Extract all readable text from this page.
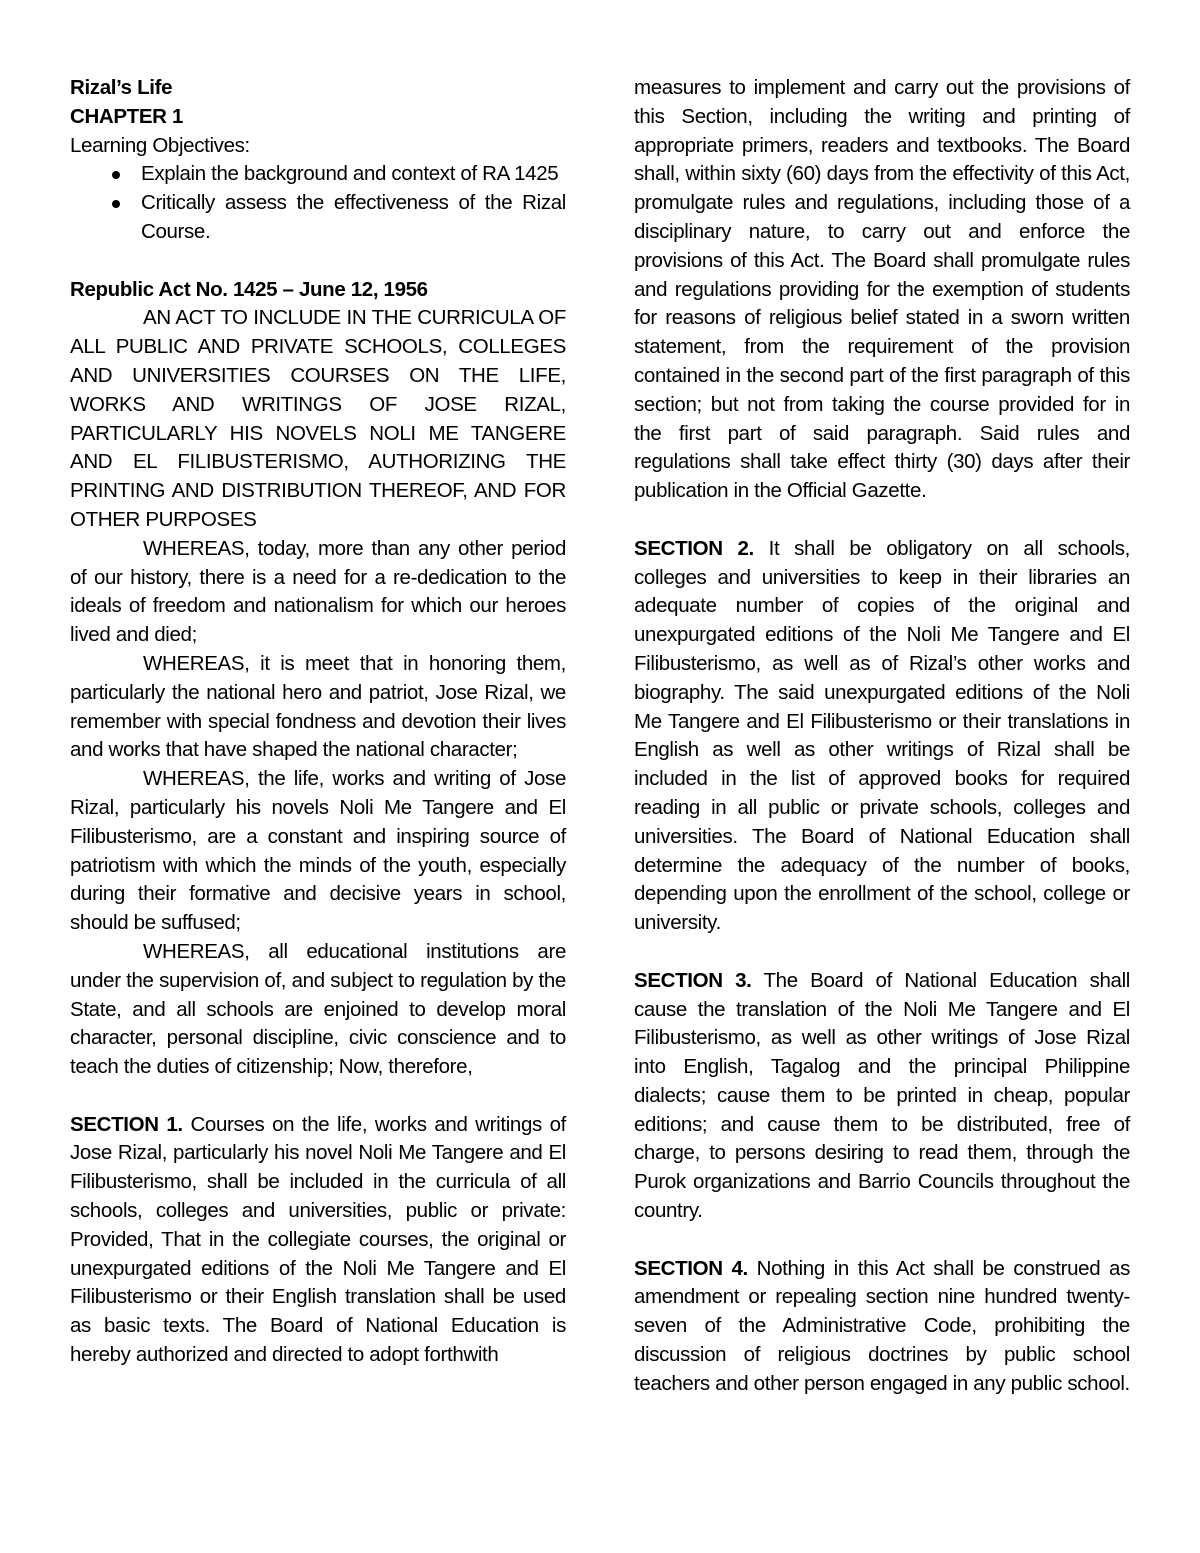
Rizal’s Life
CHAPTER 1
Learning Objectives:
Explain the background and context of RA 1425
Critically assess the effectiveness of the Rizal Course.
Republic Act No. 1425 – June 12, 1956

AN ACT TO INCLUDE IN THE CURRICULA OF ALL PUBLIC AND PRIVATE SCHOOLS, COLLEGES AND UNIVERSITIES COURSES ON THE LIFE, WORKS AND WRITINGS OF JOSE RIZAL, PARTICULARLY HIS NOVELS NOLI ME TANGERE AND EL FILIBUSTERISMO, AUTHORIZING THE PRINTING AND DISTRIBUTION THEREOF, AND FOR OTHER PURPOSES

WHEREAS, today, more than any other period of our history, there is a need for a re-dedication to the ideals of freedom and nationalism for which our heroes lived and died;

WHEREAS, it is meet that in honoring them, particularly the national hero and patriot, Jose Rizal, we remember with special fondness and devotion their lives and works that have shaped the national character;

WHEREAS, the life, works and writing of Jose Rizal, particularly his novels Noli Me Tangere and El Filibusterismo, are a constant and inspiring source of patriotism with which the minds of the youth, especially during their formative and decisive years in school, should be suffused;

WHEREAS, all educational institutions are under the supervision of, and subject to regulation by the State, and all schools are enjoined to develop moral character, personal discipline, civic conscience and to teach the duties of citizenship; Now, therefore,

SECTION 1. Courses on the life, works and writings of Jose Rizal, particularly his novel Noli Me Tangere and El Filibusterismo, shall be included in the curricula of all schools, colleges and universities, public or private: Provided, That in the collegiate courses, the original or unexpurgated editions of the Noli Me Tangere and El Filibusterismo or their English translation shall be used as basic texts. The Board of National Education is hereby authorized and directed to adopt forthwith

measures to implement and carry out the provisions of this Section, including the writing and printing of appropriate primers, readers and textbooks. The Board shall, within sixty (60) days from the effectivity of this Act, promulgate rules and regulations, including those of a disciplinary nature, to carry out and enforce the provisions of this Act. The Board shall promulgate rules and regulations providing for the exemption of students for reasons of religious belief stated in a sworn written statement, from the requirement of the provision contained in the second part of the first paragraph of this section; but not from taking the course provided for in the first part of said paragraph. Said rules and regulations shall take effect thirty (30) days after their publication in the Official Gazette.

SECTION 2. It shall be obligatory on all schools, colleges and universities to keep in their libraries an adequate number of copies of the original and unexpurgated editions of the Noli Me Tangere and El Filibusterismo, as well as of Rizal’s other works and biography. The said unexpurgated editions of the Noli Me Tangere and El Filibusterismo or their translations in English as well as other writings of Rizal shall be included in the list of approved books for required reading in all public or private schools, colleges and universities. The Board of National Education shall determine the adequacy of the number of books, depending upon the enrollment of the school, college or university.

SECTION 3. The Board of National Education shall cause the translation of the Noli Me Tangere and El Filibusterismo, as well as other writings of Jose Rizal into English, Tagalog and the principal Philippine dialects; cause them to be printed in cheap, popular editions; and cause them to be distributed, free of charge, to persons desiring to read them, through the Purok organizations and Barrio Councils throughout the country.

SECTION 4. Nothing in this Act shall be construed as amendment or repealing section nine hundred twenty-seven of the Administrative Code, prohibiting the discussion of religious doctrines by public school teachers and other person engaged in any public school.
